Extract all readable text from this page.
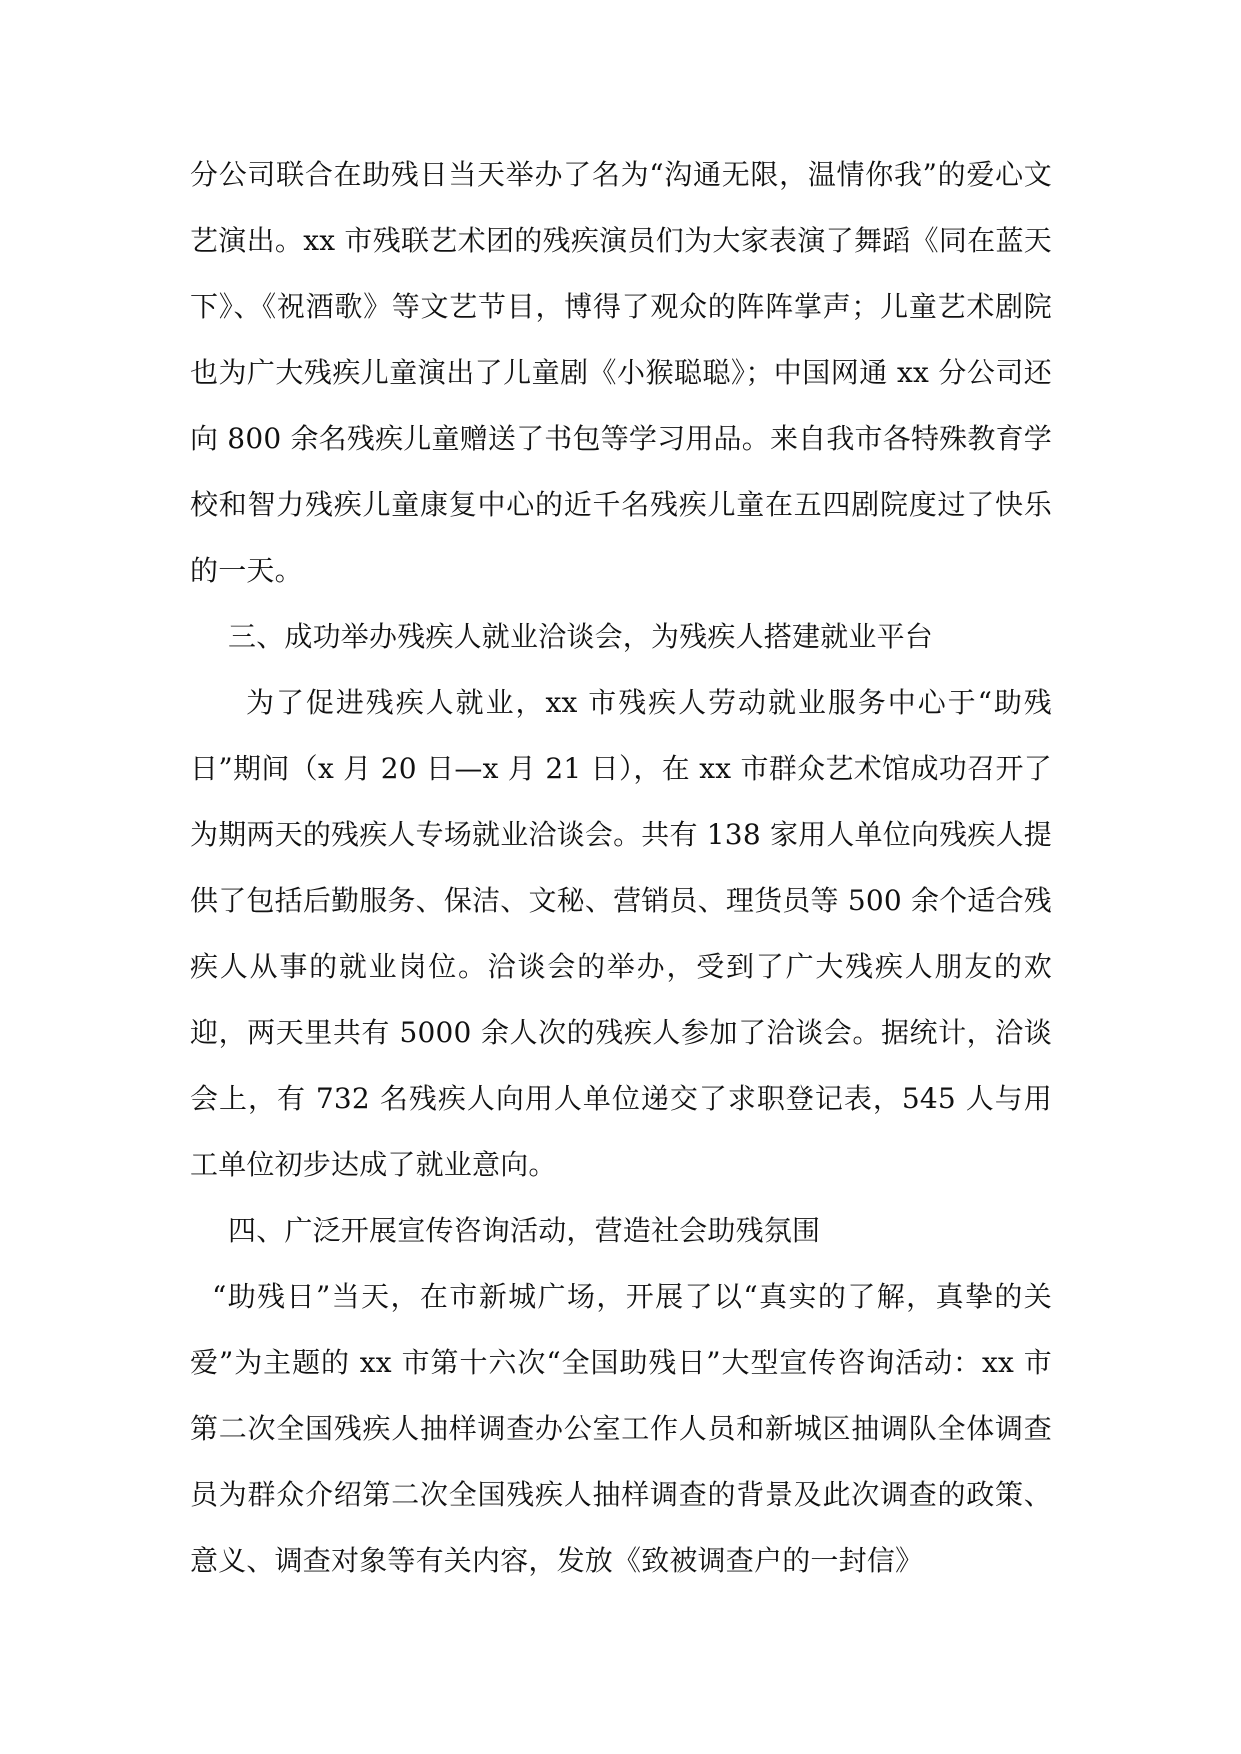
分公司联合在助残日当天举办了名为“沟通无限，温情你我”的爱心文艺演出。xx 市残联艺术团的残疾演员们为大家表演了舞蹈《同在蓝天下》、《祝酒歌》等文艺节目，博得了观众的阵阵掌声；儿童艺术剧院也为广大残疾儿童演出了儿童剧《小猴聪聪》；中国网通 xx 分公司还向 800 余名残疾儿童赠送了书包等学习用品。来自我市各特殊教育学校和智力残疾儿童康复中心的近千名残疾儿童在五四剧院度过了快乐的一天。

三、成功举办残疾人就业洽谈会，为残疾人搭建就业平台

为了促进残疾人就业，xx 市残疾人劳动就业服务中心于“助残日”期间（x 月 20 日—x 月 21 日），在 xx 市群众艺术馆成功召开了为期两天的残疾人专场就业洽谈会。共有 138 家用人单位向残疾人提供了包括后勤服务、保洁、文秘、营销员、理货员等 500 余个适合残疾人从事的就业岗位。洽谈会的举办，受到了广大残疾人朋友的欢迎，两天里共有 5000 余人次的残疾人参加了洽谈会。据统计，洽谈会上，有 732 名残疾人向用人单位递交了求职登记表，545 人与用工单位初步达成了就业意向。

四、广泛开展宣传咨询活动，营造社会助残氛围

“助残日”当天，在市新城广场，开展了以“真实的了解，真挚的关爱”为主题的 xx 市第十六次“全国助残日”大型宣传咨询活动：xx 市第二次全国残疾人抽样调查办公室工作人员和新城区抽调队全体调查员为群众介绍第二次全国残疾人抽样调查的背景及此次调查的政策、意义、调查对象等有关内容，发放《致被调查户的一封信》
